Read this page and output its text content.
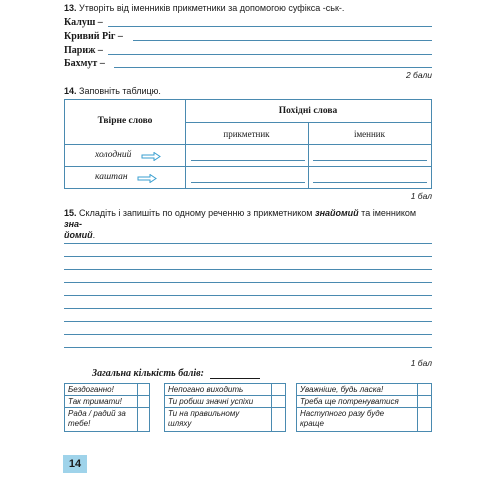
13. Утворіть від іменників прикметники за допомогою суфікса -ськ-.
Калуш –
Кривий Ріг –
Париж –
Бахмут –
2 бали
14. Заповніть таблицю.
Твірне слово
Похідні слова
прикметник	іменник
холодний
каштан
1 бал
15. Складіть і запишіть по одному реченню з прикметником знайомий та іменником зна-
йомий.
1 бал
Загальна кількість балів:
Бездоганно!
Так тримати!
Рада / радий за тебе!
Непогано виходить
Ти робиш значні успіхи
Ти на правильному шляху
Уважніше, будь ласка!
Треба ще потренуватися
Наступного разу буде краще
14
